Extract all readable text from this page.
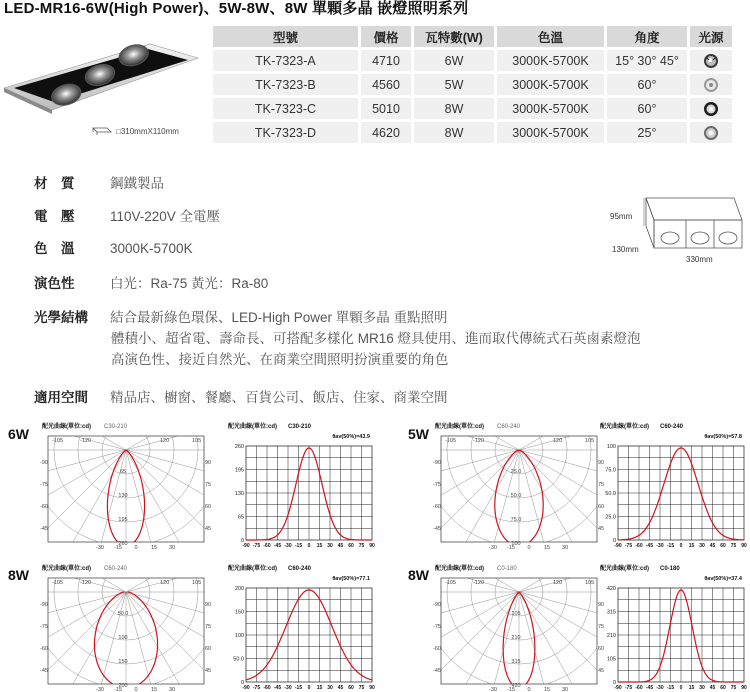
LED-MR16-6W(High Power)、5W-8W、8W 單顆多晶 嵌燈照明系列
□310mmX110mm
型號	價格	瓦特數(W)	色溫	角度	光源
TK-7323-A	4710	6W	3000K-5700K	15° 30° 45°	
TK-7323-B	4560	5W	3000K-5700K	60°	
TK-7323-C	5010	8W	3000K-5700K	60°	
TK-7323-D	4620	8W	3000K-5700K	25°	
材　質	鋼鐵製品
電　壓	110V-220V 全電壓
色　溫	3000K-5700K
演色性	白光：Ra-75 黃光：Ra-80
光學結構 結合最新綠色環保、LED-High Power 單顆多晶 重點照明
體積小、超省電、壽命長、可搭配多樣化 MR16 燈具使用、進而取代傳統式石英鹵素燈泡
高演色性、接近自然光、在商業空間照明扮演重要的角色
適用空間 精品店、櫥窗、餐廳、百貨公司、飯店、住家、商業空間
95mm
130mm
330mm
6W	5W
8W	8W
配光曲線(單位:cd) C30-210
65
130
195
260
-105	-120	120	105
-90
-75
-60
-45
90
75
60
45
-30 -15 0 15 30
配光曲線(單位:cd) C30-210
θav(50%)=43.9
260
195
130
65
0
-90 -75 -60 -45 -30 -15 0 15 30 45 60 75 90
配光曲線(單位:cd) C60-240
25.0
50.0
75.0
100
-105	-120	120	105
-90
-75
-60
-45
90
75
60
45
-30 -15 0 15 30
配光曲線(單位:cd) C60-240
θav(50%)=57.8
100
75.0
50.0
25.0
0
-90 -75 -60 -45 -30 -15 0 15 30 45 60 75 90
配光曲線(單位:cd) C60-240
50.0
100
150
200
-105	-120	120	105
-90
-75
-60
-45
90
75
60
45
-30 -15 0 15 30
配光曲線(單位:cd) C60-240
θav(50%)=77.1
200
150
100
50.0
0
-90 -75 -60 -45 -30 -15 0 15 30 45 60 75 90
配光曲線(單位:cd) C0-180
105
210
315
420
-105	-120	120	105
-90
-75
-60
-45
90
75
60
45
-30 -15 0 15 30
配光曲線(單位:cd) C0-180
θav(50%)=37.4
420
315
210
105
0
-90 -75 -60 -45 -30 -15 0 15 30 45 60 75 90
